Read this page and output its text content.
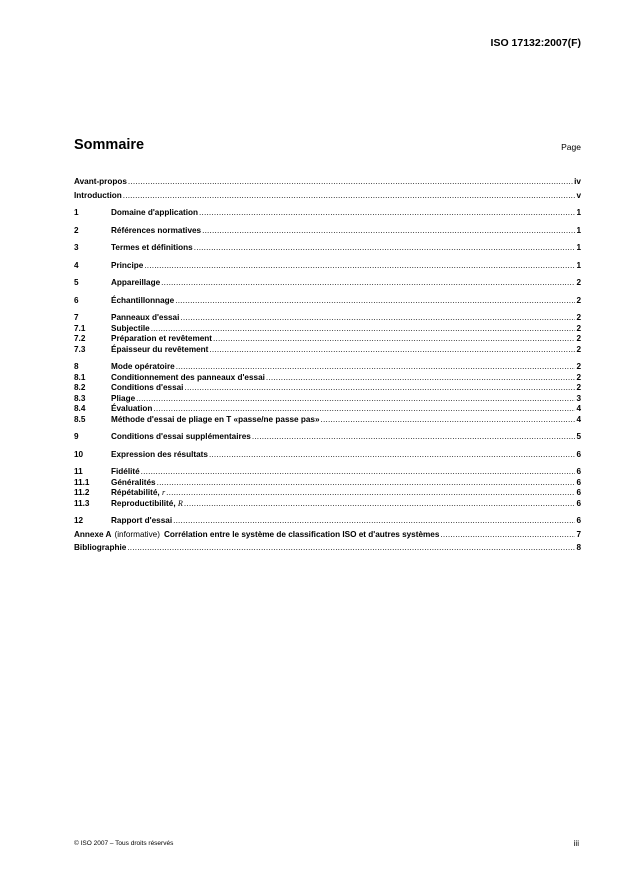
ISO 17132:2007(F)
Sommaire	Page
Avant-propos .....	iv
Introduction .....	v
1	Domaine d'application .....	1
2	Références normatives .....	1
3	Termes et définitions .....	1
4	Principe .....	1
5	Appareillage .....	2
6	Échantillonnage .....	2
7	Panneaux d'essai .....	2
7.1	Subjectile .....	2
7.2	Préparation et revêtement .....	2
7.3	Épaisseur du revêtement .....	2
8	Mode opératoire .....	2
8.1	Conditionnement des panneaux d'essai .....	2
8.2	Conditions d'essai .....	2
8.3	Pliage .....	3
8.4	Évaluation .....	4
8.5	Méthode d'essai de pliage en T «passe/ne passe pas» .....	4
9	Conditions d'essai supplémentaires .....	5
10	Expression des résultats .....	6
11	Fidélité .....	6
11.1	Généralités .....	6
11.2	Répétabilité, r .....	6
11.3	Reproductibilité, R .....	6
12	Rapport d'essai .....	6
Annexe A (informative) Corrélation entre le système de classification ISO et d'autres systèmes .....	7
Bibliographie .....	8
© ISO 2007 – Tous droits réservés	iii
